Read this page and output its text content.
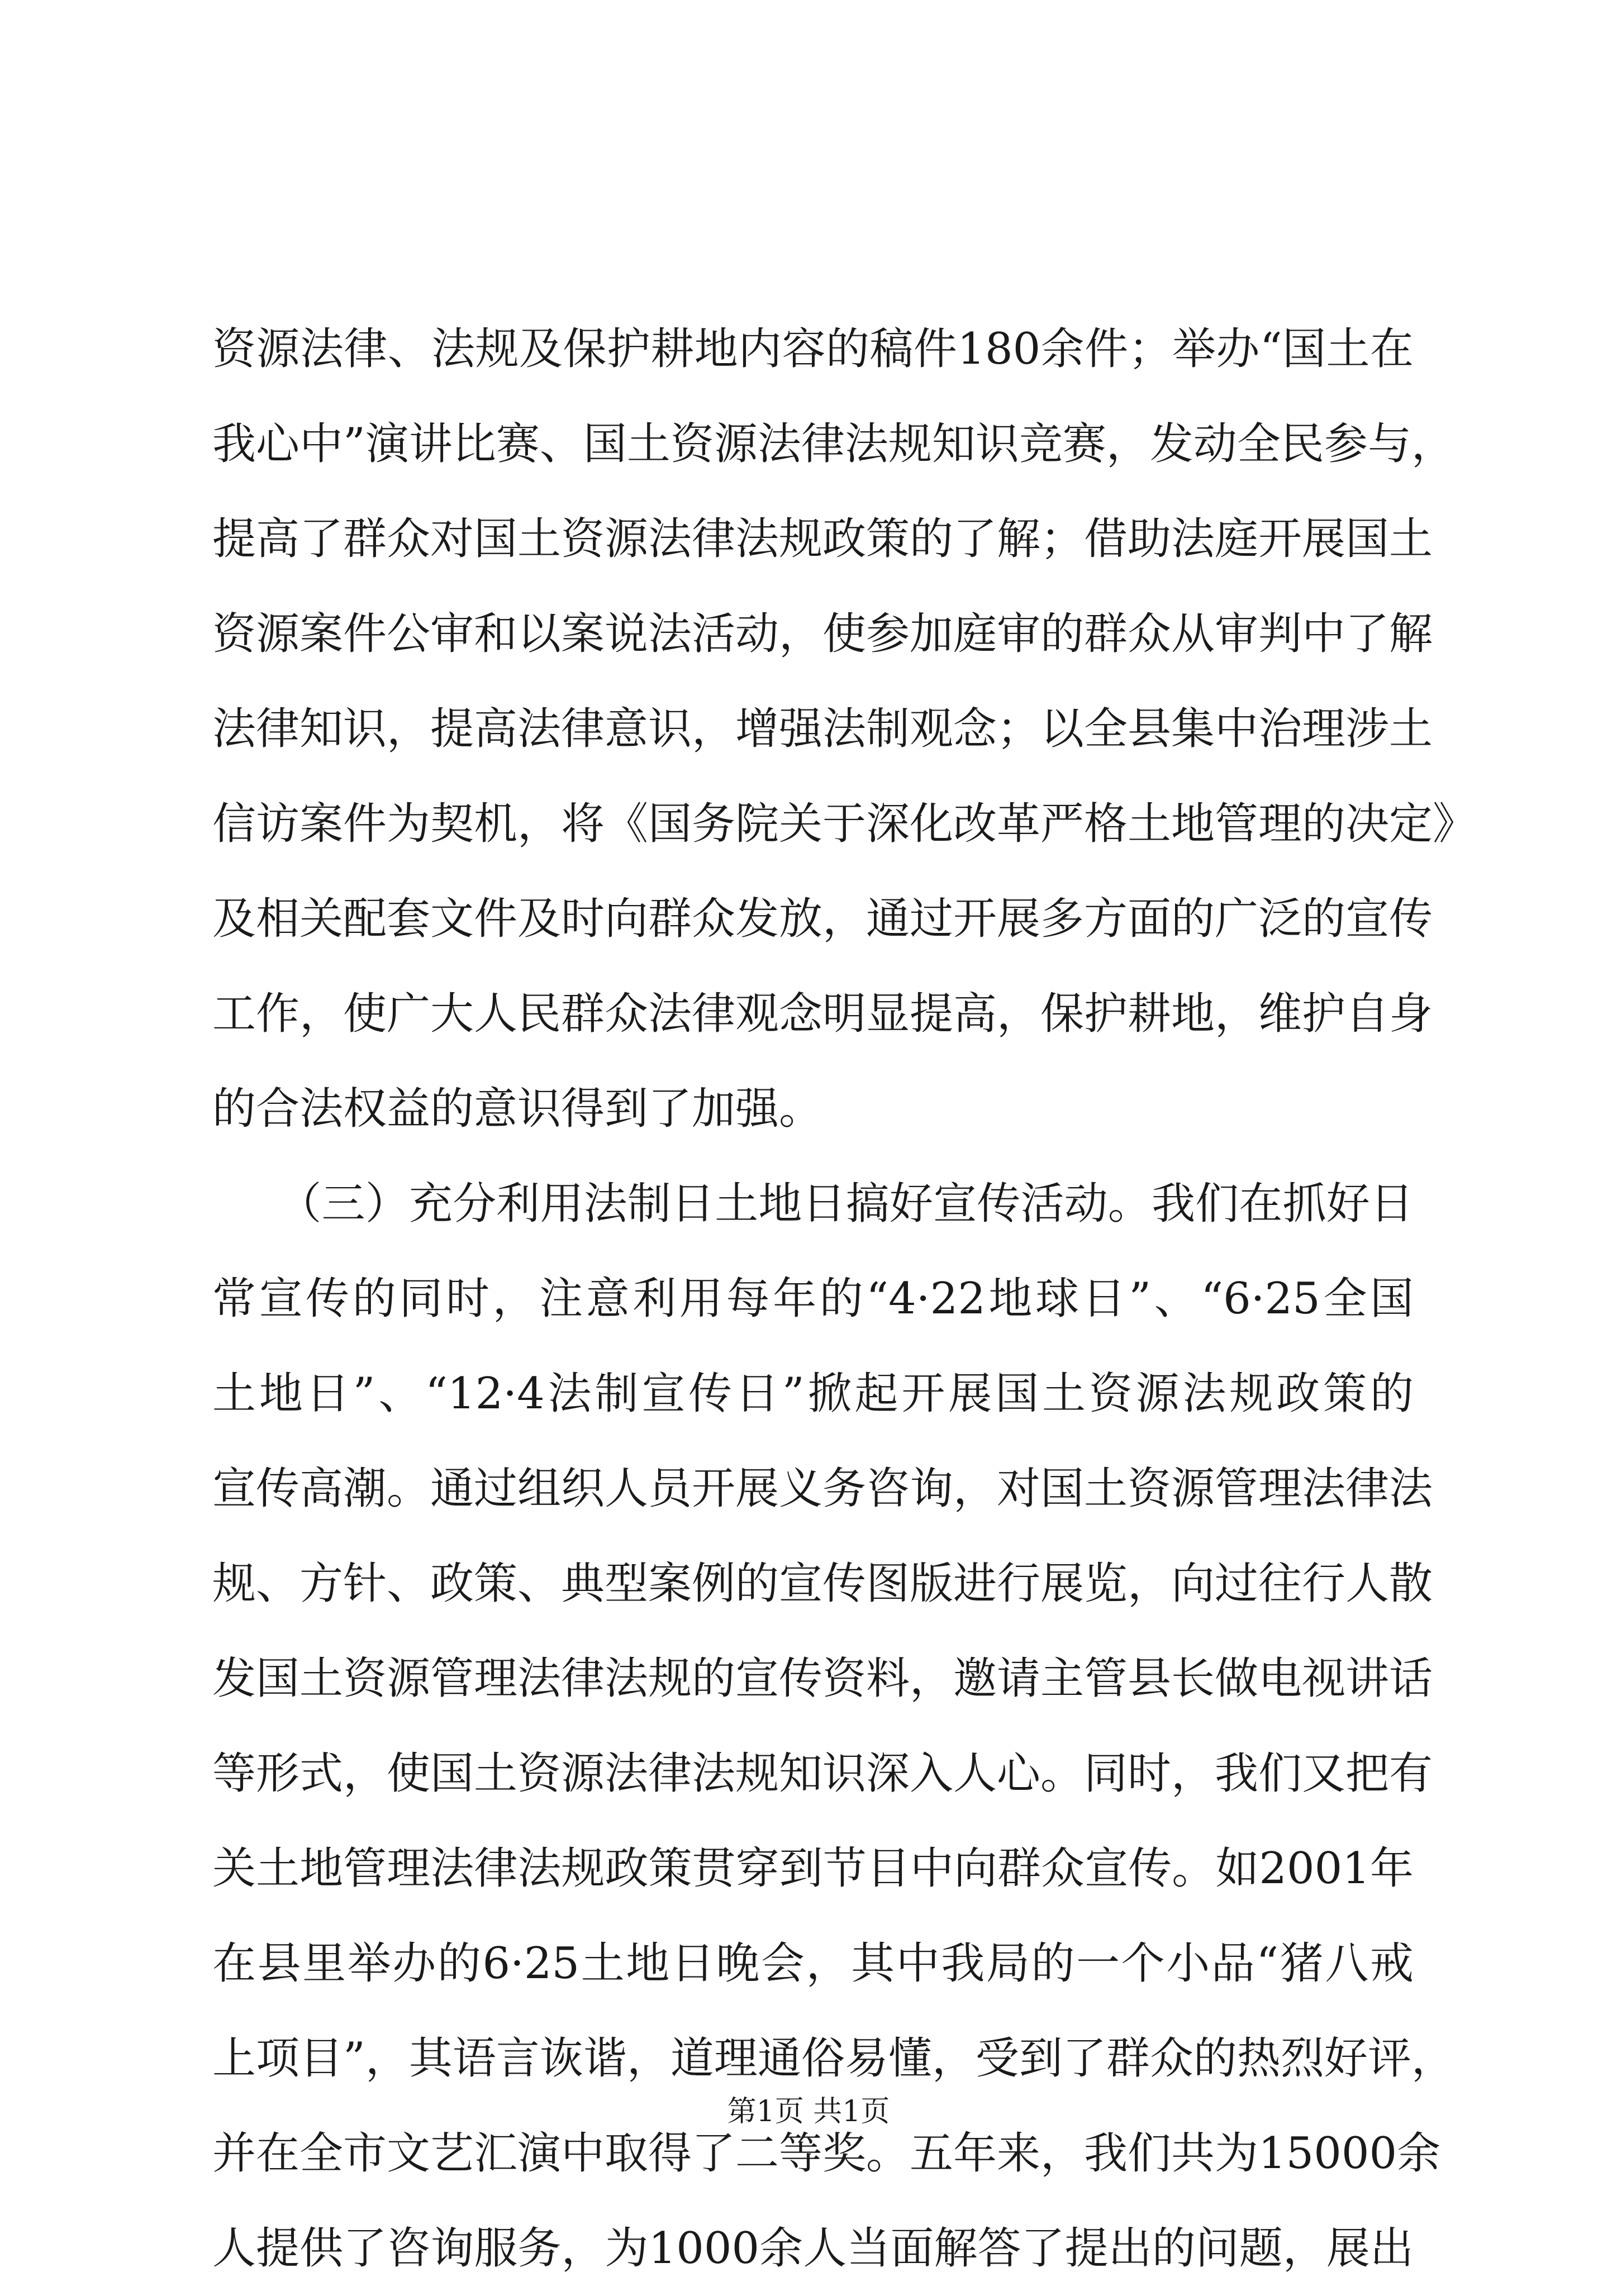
资源法律、法规及保护耕地内容的稿件180余件；举办“国土在
我心中”演讲比赛、国土资源法律法规知识竞赛，发动全民参与，
提高了群众对国土资源法律法规政策的了解；借助法庭开展国土
资源案件公审和以案说法活动，使参加庭审的群众从审判中了解
法律知识，提高法律意识，增强法制观念；以全县集中治理涉土
信访案件为契机，将《国务院关于深化改革严格土地管理的决定》
及相关配套文件及时向群众发放，通过开展多方面的广泛的宣传
工作，使广大人民群众法律观念明显提高，保护耕地，维护自身
的合法权益的意识得到了加强。
　　（三）充分利用法制日土地日搞好宣传活动。我们在抓好日
常宣传的同时，注意利用每年的“4·22地球日”、“6·25全国
土地日”、“12·4法制宣传日”掀起开展国土资源法规政策的
宣传高潮。通过组织人员开展义务咨询，对国土资源管理法律法
规、方针、政策、典型案例的宣传图版进行展览，向过往行人散
发国土资源管理法律法规的宣传资料，邀请主管县长做电视讲话
等形式，使国土资源法律法规知识深入人心。同时，我们又把有
关土地管理法律法规政策贯穿到节目中向群众宣传。如2001年
在县里举办的6·25土地日晚会，其中我局的一个小品“猪八戒
上项目”，其语言诙谐，道理通俗易懂，受到了群众的热烈好评，
并在全市文艺汇演中取得了二等奖。五年来，我们共为15000余
人提供了咨询服务，为1000余人当面解答了提出的问题，展出
第1页 共1页
